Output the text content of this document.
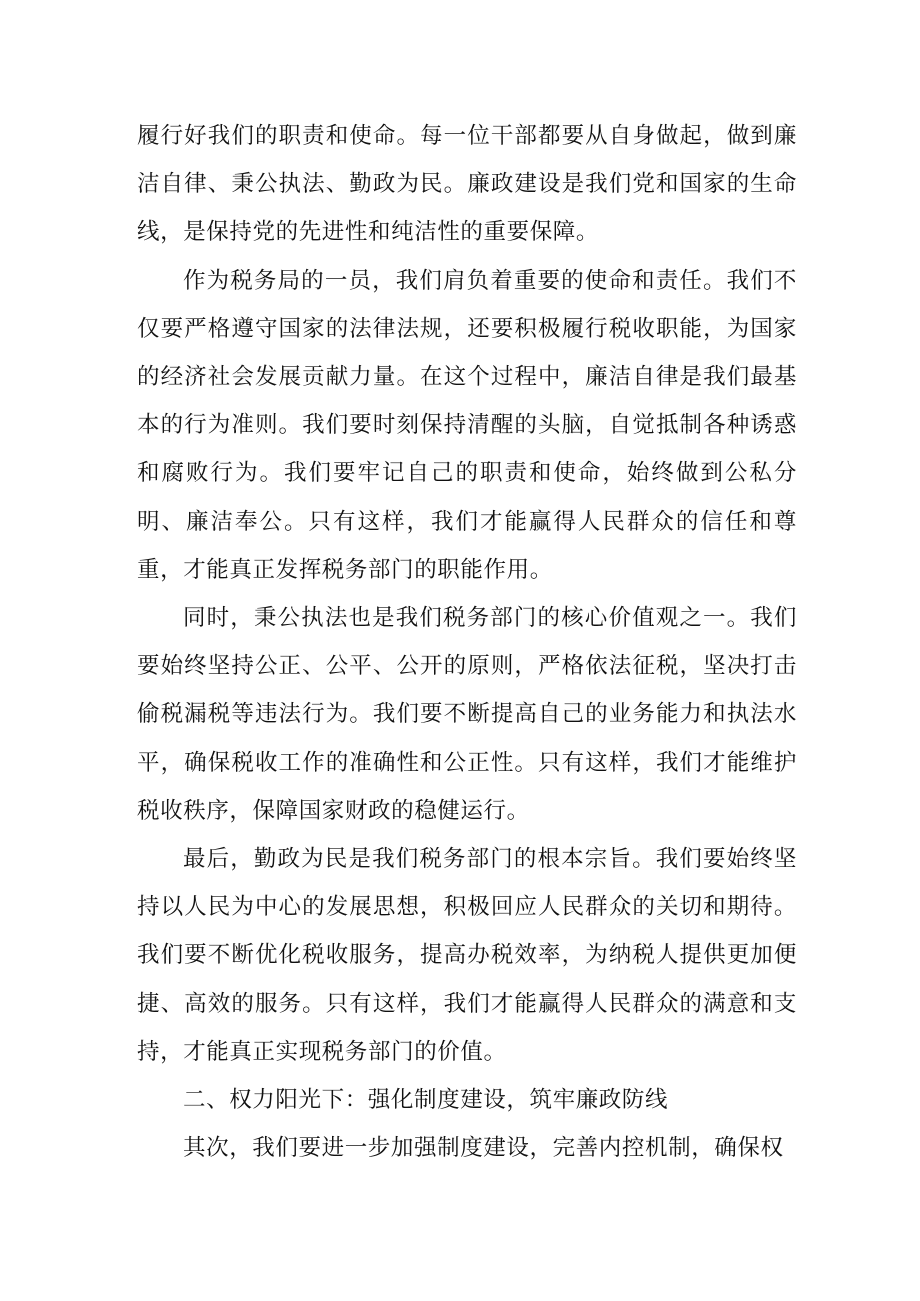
履行好我们的职责和使命。每一位干部都要从自身做起，做到廉洁自律、秉公执法、勤政为民。廉政建设是我们党和国家的生命线，是保持党的先进性和纯洁性的重要保障。

作为税务局的一员，我们肩负着重要的使命和责任。我们不仅要严格遵守国家的法律法规，还要积极履行税收职能，为国家的经济社会发展贡献力量。在这个过程中，廉洁自律是我们最基本的行为准则。我们要时刻保持清醒的头脑，自觉抵制各种诱惑和腐败行为。我们要牢记自己的职责和使命，始终做到公私分明、廉洁奉公。只有这样，我们才能赢得人民群众的信任和尊重，才能真正发挥税务部门的职能作用。

同时，秉公执法也是我们税务部门的核心价值观之一。我们要始终坚持公正、公平、公开的原则，严格依法征税，坚决打击偷税漏税等违法行为。我们要不断提高自己的业务能力和执法水平，确保税收工作的准确性和公正性。只有这样，我们才能维护税收秩序，保障国家财政的稳健运行。

最后，勤政为民是我们税务部门的根本宗旨。我们要始终坚持以人民为中心的发展思想，积极回应人民群众的关切和期待。我们要不断优化税收服务，提高办税效率，为纳税人提供更加便捷、高效的服务。只有这样，我们才能赢得人民群众的满意和支持，才能真正实现税务部门的价值。

二、权力阳光下：强化制度建设，筑牢廉政防线

其次，我们要进一步加强制度建设，完善内控机制，确保权
